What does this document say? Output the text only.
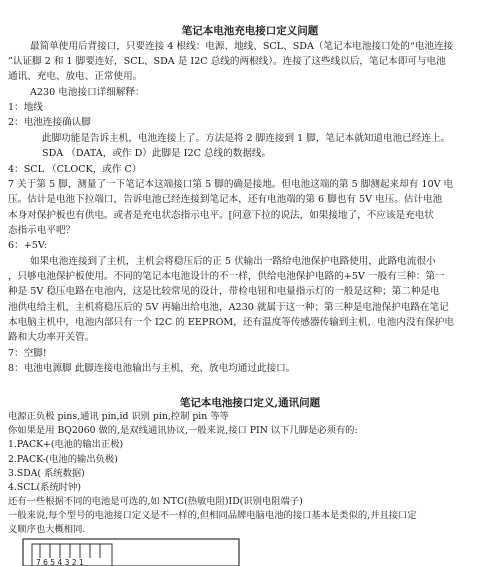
笔记本电池充电接口定义问题
最简单使用后背接口，只要连接 4 根线：电源、地线、SCL、SDA（笔记本电池接口处的“电池连接
”认证脚 2 和 1 脚要连好，SCL、SDA 是 I2C 总线的两根线）。连接了这些线以后，笔记本即可与电池
通讯、充电、放电、正常使用。
A230 电池接口详细解释：
1：地线
2：电池连接确认脚
此脚功能是告诉主机，电池连接上了。方法是将 2 脚连接到 1 脚，笔记本就知道电池已经连上。
SDA （DATA，或作 D）此脚是 I2C 总线的数据线。
4：SCL （CLOCK，或作 C）
7 关于第 5 脚，测量了一下笔记本这端接口第 5 脚的确是接地。但电池这端的第 5 脚测起来却有 10V 电
压。估计是电池下拉端口，告诉电池已经连接到笔记本，还有电池端的第 6 脚也有 5V 电压。估计电池
本身对保护板也有供电。或者是充电状态指示电平。[问意下拉的说法，如果接地了，不应该是充电状
态指示电平吧？
6：+5V:
如果电池连接到了主机，主机会将稳压后的正 5 伏输出一路给电池保护电路使用，此路电流很小
，只够电池保护板使用。不同的笔记本电池设计的不一样，供给电池保护电路的+5V 一般有三种：第一
种是 5V 稳压电路在电池内，这是比较常见的设计，带检电钮和电量指示灯的一般是这种；第二种是电
池供电给主机，主机将稳压后的 5V 再输出给电池，A230 就属于这一种；第三种是电池保护电路在笔记
本电脑主机中，电池内部只有一个 I2C 的 EEPROM，还有温度等传感器传输到主机，电池内没有保护电
路和大功率开关管。
7：空脚!
8：电池电源脚 此脚连接电池输出与主机，充、放电均通过此接口。
笔记本电池接口定义,通讯问题
电源正负极 pins,通讯 pin,id 识别 pin,控制 pin 等等
你如果是用 BQ2060 做的,是双线通讯协议,一般来说,接口 PIN 以下几脚是必须有的:
1.PACK+(电池的输出正极)
2.PACK-(电池的输出负极)
3.SDA( 系统数据)
4.SCL(系统时钟)
还有一些根据不同的电池是可选的,如 NTC(热敏电阻)ID(识别电阻端子)
一般来说,每个型号的电池接口定义是不一样的,但相同品牌电脑电池的接口基本是类似的,并且接口定
义顺序也大概相同.
7 6 5 4 3 2 1
